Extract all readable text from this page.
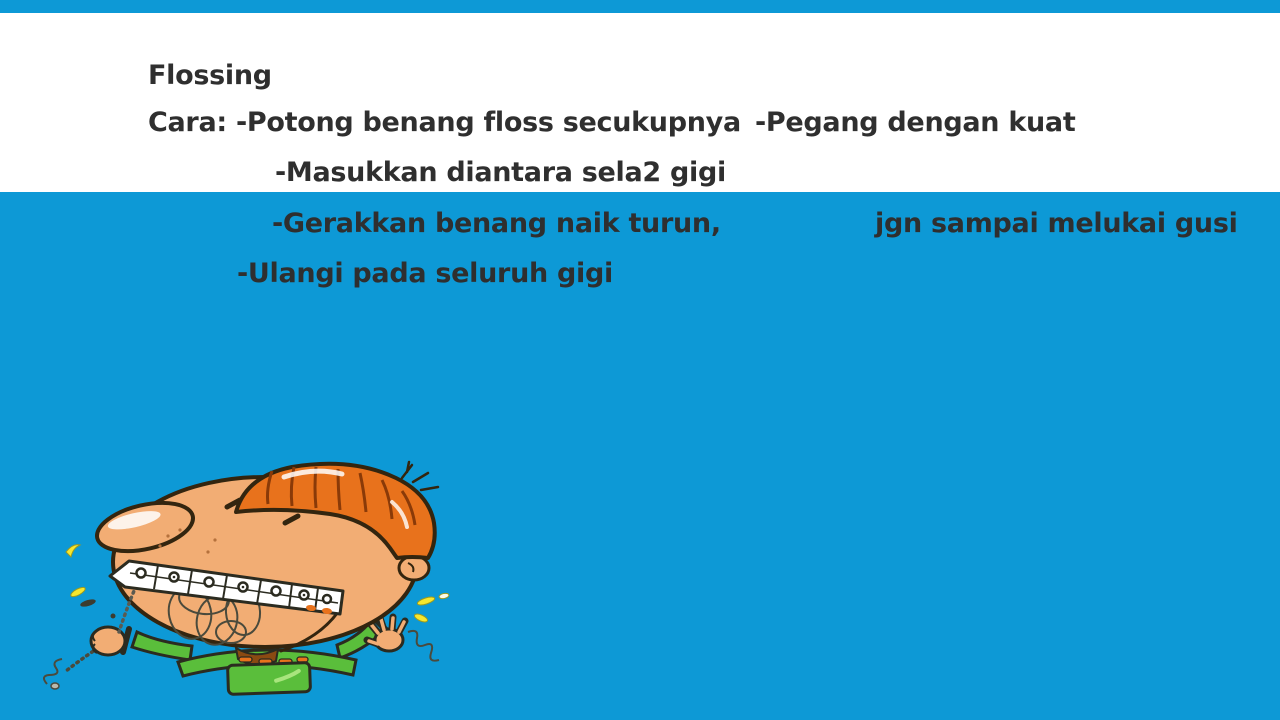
Flossing
Cara: -Potong benang floss secukupnya -Pegang dengan kuat
-Masukkan diantara sela2 gigi
-Gerakkan benang naik turun,	jgn sampai melukai gusi
-Ulangi pada seluruh gigi
